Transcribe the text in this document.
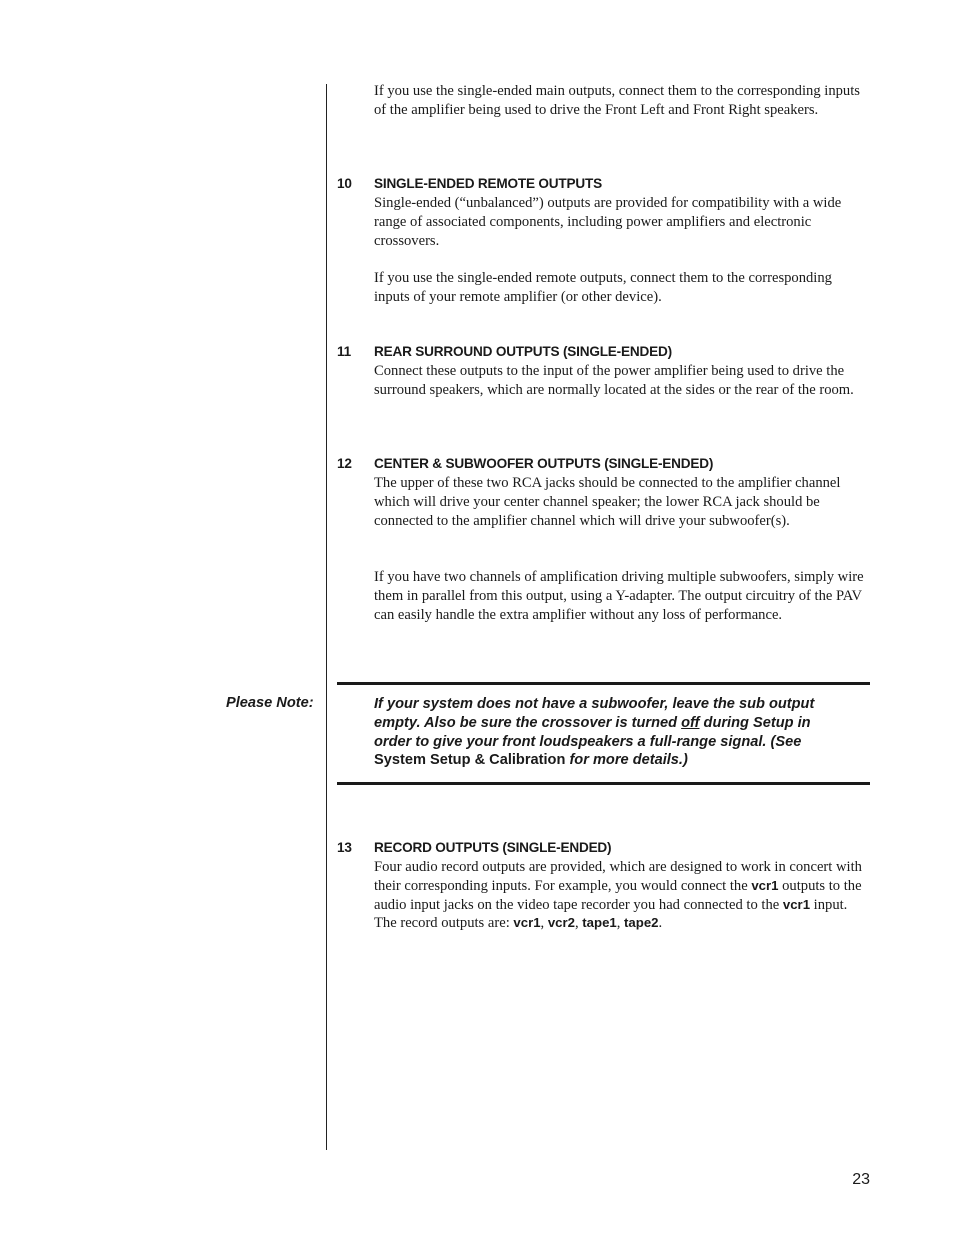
If you use the single-ended main outputs, connect them to the corresponding inputs of the amplifier being used to drive the Front Left and Front Right speakers.

10 SINGLE-ENDED REMOTE OUTPUTS

Single-ended (“unbalanced”) outputs are provided for compatibility with a wide range of associated components, including power amplifiers and electronic crossovers.

If you use the single-ended remote outputs, connect them to the corresponding inputs of your remote amplifier (or other device).

11 REAR SURROUND OUTPUTS (SINGLE-ENDED)

Connect these outputs to the input of the power amplifier being used to drive the surround speakers, which are normally located at the sides or the rear of the room.

12 CENTER & SUBWOOFER OUTPUTS (SINGLE-ENDED)

The upper of these two RCA jacks should be connected to the amplifier channel which will drive your center channel speaker; the lower RCA jack should be connected to the amplifier channel which will drive your subwoofer(s).

If you have two channels of amplification driving multiple subwoofers, simply wire them in parallel from this output, using a Y-adapter. The output circuitry of the PAV can easily handle the extra amplifier without any loss of performance.

Please Note:	If your system does not have a subwoofer, leave the sub output empty. Also be sure the crossover is turned off during Setup in order to give your front loudspeakers a full-range signal. (See System Setup & Calibration for more details.)

13 RECORD OUTPUTS (SINGLE-ENDED)

Four audio record outputs are provided, which are designed to work in concert with their corresponding inputs. For example, you would connect the vcr1 outputs to the audio input jacks on the video tape recorder you had connected to the vcr1 input. The record outputs are: vcr1, vcr2, tape1, tape2.

23
